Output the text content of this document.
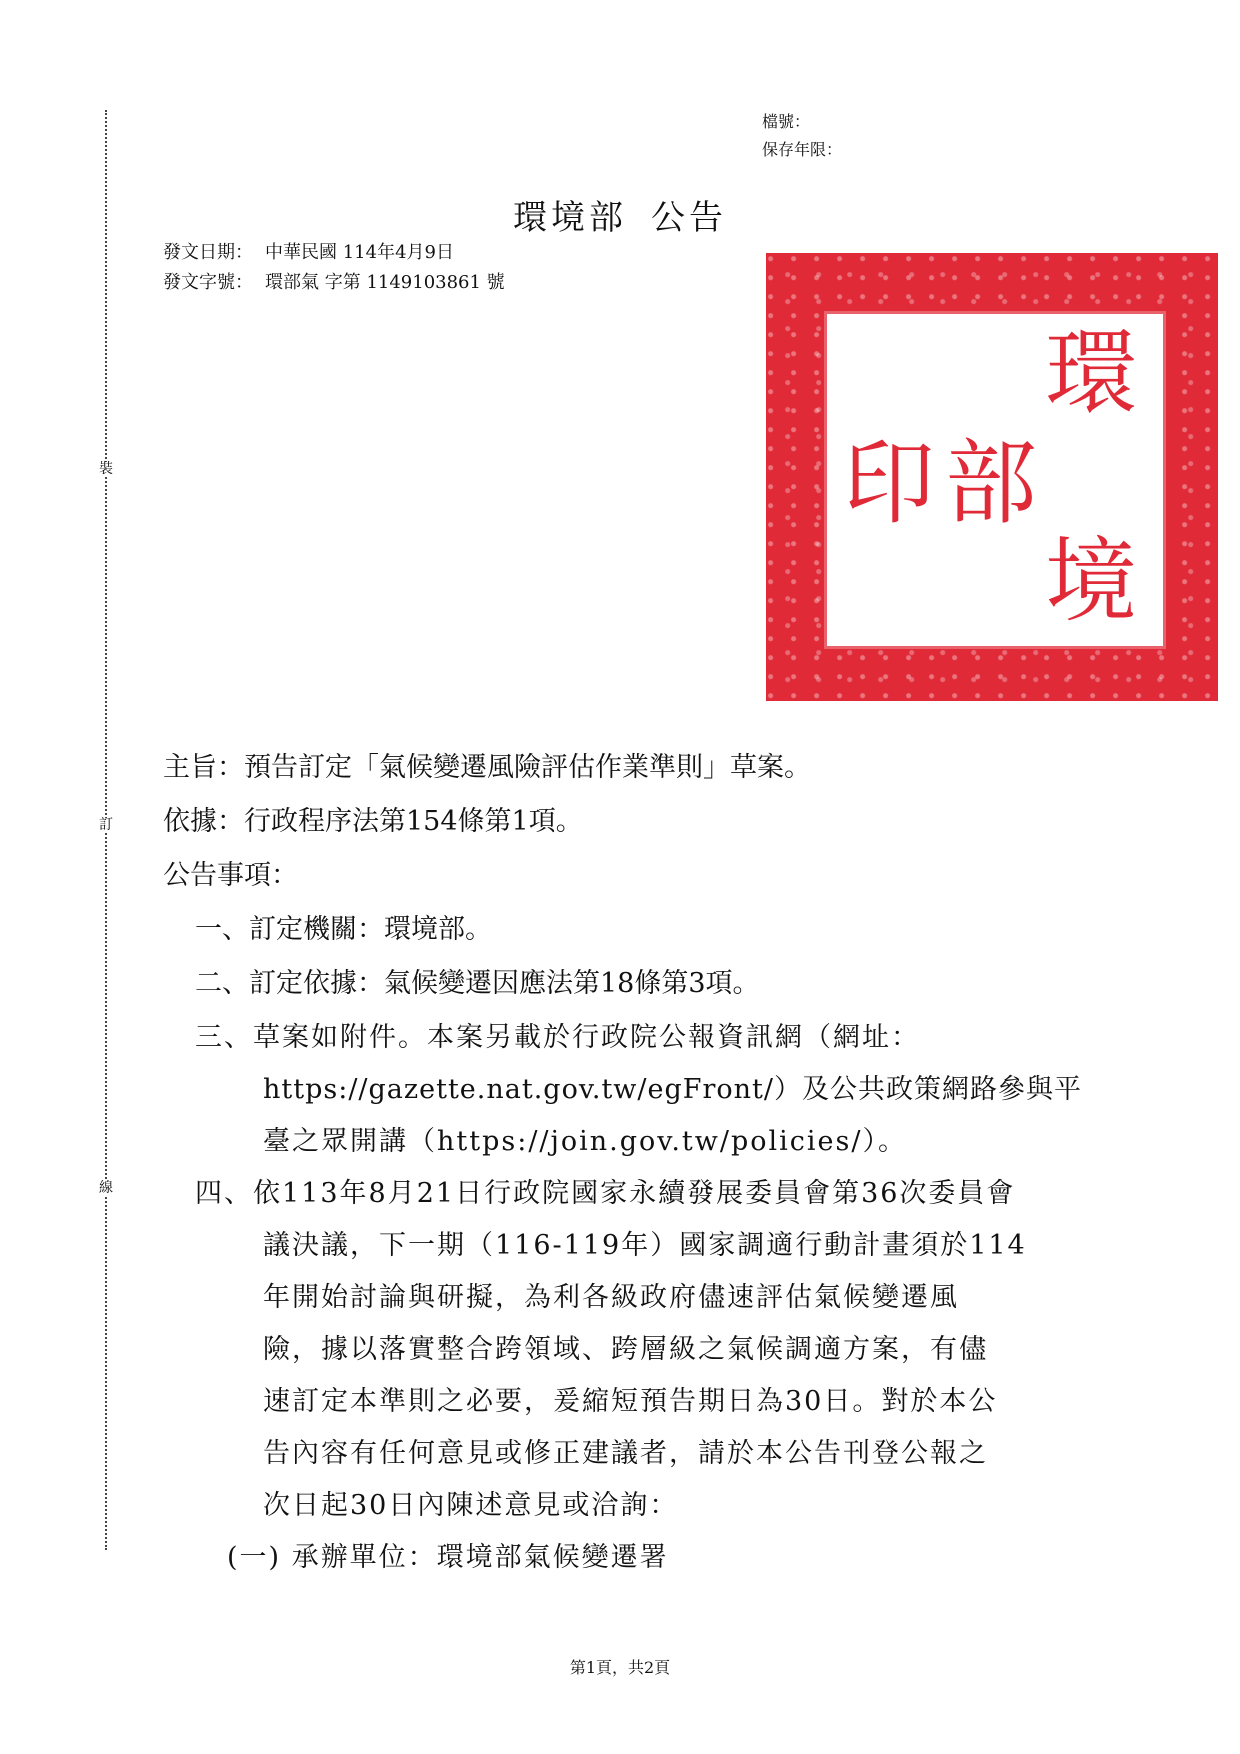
裝
訂
線
檔號：
保存年限：
環境部 公告
發文日期： 中華民國 114年4月9日
發文字號： 環部氣 字第 1149103861 號
環
境
部
印
主旨：預告訂定「氣候變遷風險評估作業準則」草案。
依據：行政程序法第154條第1項。
公告事項：
一、訂定機關：環境部。
二、訂定依據：氣候變遷因應法第18條第3項。
三、草案如附件。本案另載於行政院公報資訊網（網址：
https://gazette.nat.gov.tw/egFront/）及公共政策網路參與平
臺之眾開講（https://join.gov.tw/policies/）。
四、依113年8月21日行政院國家永續發展委員會第36次委員會
議決議，下一期（116-119年）國家調適行動計畫須於114
年開始討論與研擬，為利各級政府儘速評估氣候變遷風
險，據以落實整合跨領域、跨層級之氣候調適方案，有儘
速訂定本準則之必要，爰縮短預告期日為30日。對於本公
告內容有任何意見或修正建議者，請於本公告刊登公報之
次日起30日內陳述意見或洽詢：
(一) 承辦單位：環境部氣候變遷署
第1頁，共2頁
